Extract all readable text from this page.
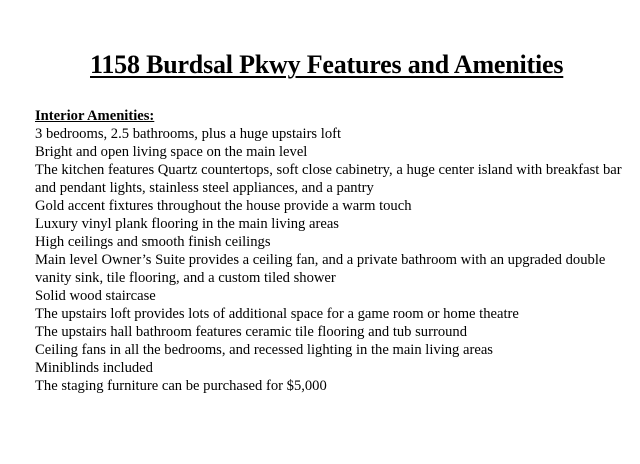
1158 Burdsal Pkwy Features and Amenities
Interior Amenities:
3 bedrooms, 2.5 bathrooms, plus a huge upstairs loft
Bright and open living space on the main level
The kitchen features Quartz countertops, soft close cabinetry, a huge center island with breakfast bar and pendant lights, stainless steel appliances, and a pantry
Gold accent fixtures throughout the house provide a warm touch
Luxury vinyl plank flooring in the main living areas
High ceilings and smooth finish ceilings
Main level Owner’s Suite provides a ceiling fan, and a private bathroom with an upgraded double vanity sink, tile flooring, and a custom tiled shower
Solid wood staircase
The upstairs loft provides lots of additional space for a game room or home theatre
The upstairs hall bathroom features ceramic tile flooring and tub surround
Ceiling fans in all the bedrooms, and recessed lighting in the main living areas
Miniblinds included
The staging furniture can be purchased for $5,000
